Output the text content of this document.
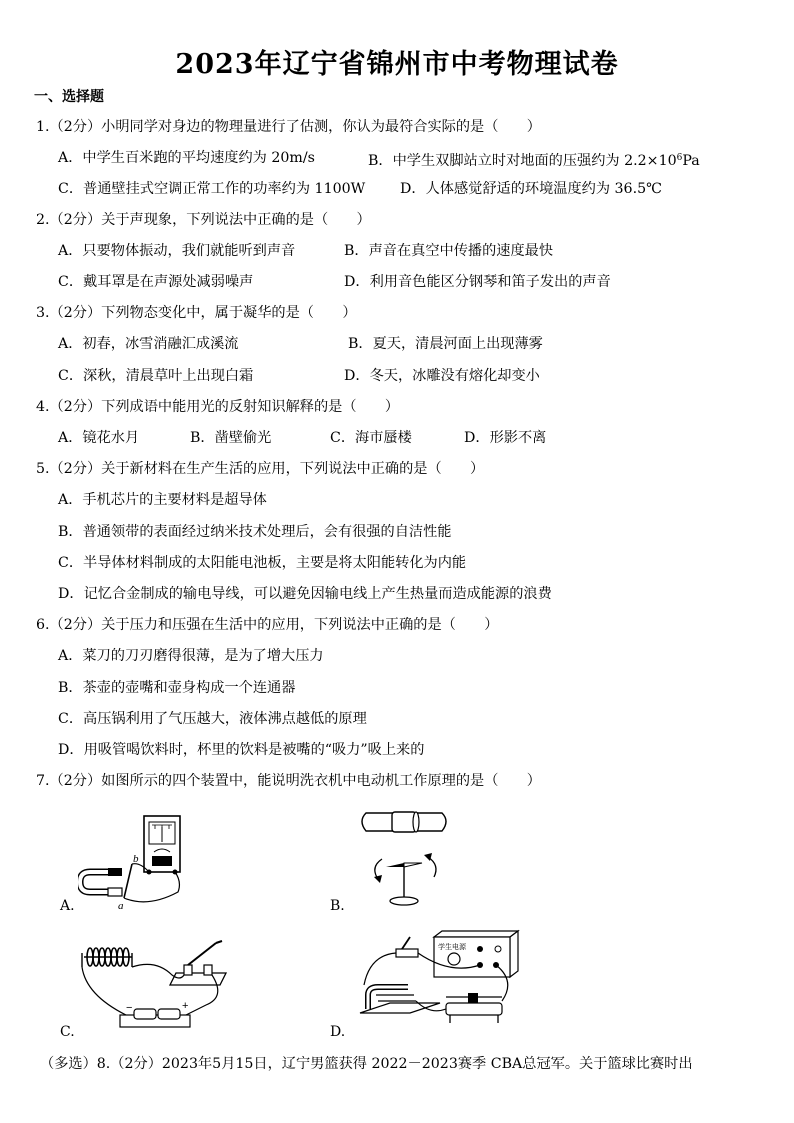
2023年辽宁省锦州市中考物理试卷
一、选择题
1.（2分）小明同学对身边的物理量进行了估测，你认为最符合实际的是（　　）
A．中学生百米跑的平均速度约为 20m/s	B．中学生双脚站立时对地面的压强约为 $2.2\times 10^6Pa$
C．普通壁挂式空调正常工作的功率约为 1100W D．人体感觉舒适的环境温度约为 36.5℃
2.（2分）关于声现象，下列说法中正确的是（　　）
A．只要物体振动，我们就能听到声音	B．声音在真空中传播的速度最快
C．戴耳罩是在声源处减弱噪声	D．利用音色能区分钢琴和笛子发出的声音
3.（2分）下列物态变化中，属于凝华的是（　　）
A．初春，冰雪消融汇成溪流	B．夏天，清晨河面上出现薄雾
C．深秋，清晨草叶上出现白霜	D．冬天，冰雕没有熔化却变小
4.（2分）下列成语中能用光的反射知识解释的是（　　）
A．镜花水月	B．凿壁偷光	C．海市蜃楼	D．形影不离
5.（2分）关于新材料在生产生活的应用，下列说法中正确的是（　　）
A．手机芯片的主要材料是超导体
B．普通领带的表面经过纳米技术处理后，会有很强的自洁性能
C．半导体材料制成的太阳能电池板，主要是将太阳能转化为内能
D．记忆合金制成的输电导线，可以避免因输电线上产生热量而造成能源的浪费
6.（2分）关于压力和压强在生活中的应用，下列说法中正确的是（　　）
A．菜刀的刀刃磨得很薄，是为了增大压力
B．茶壶的壶嘴和壶身构成一个连通器
C．高压锅利用了气压越大，液体沸点越低的原理
D．用吸管喝饮料时，杯里的饮料是被嘴的“吸力”吸上来的
7.（2分）如图所示的四个装置中，能说明洗衣机中电动机工作原理的是（　　）
A.
b
a	B.
C.
−	+
D.
学生电源
（多选）8.（2分）2023年5月15日，辽宁男篮获得 2022－2023赛季 CBA总冠军。关于篮球比赛时出
